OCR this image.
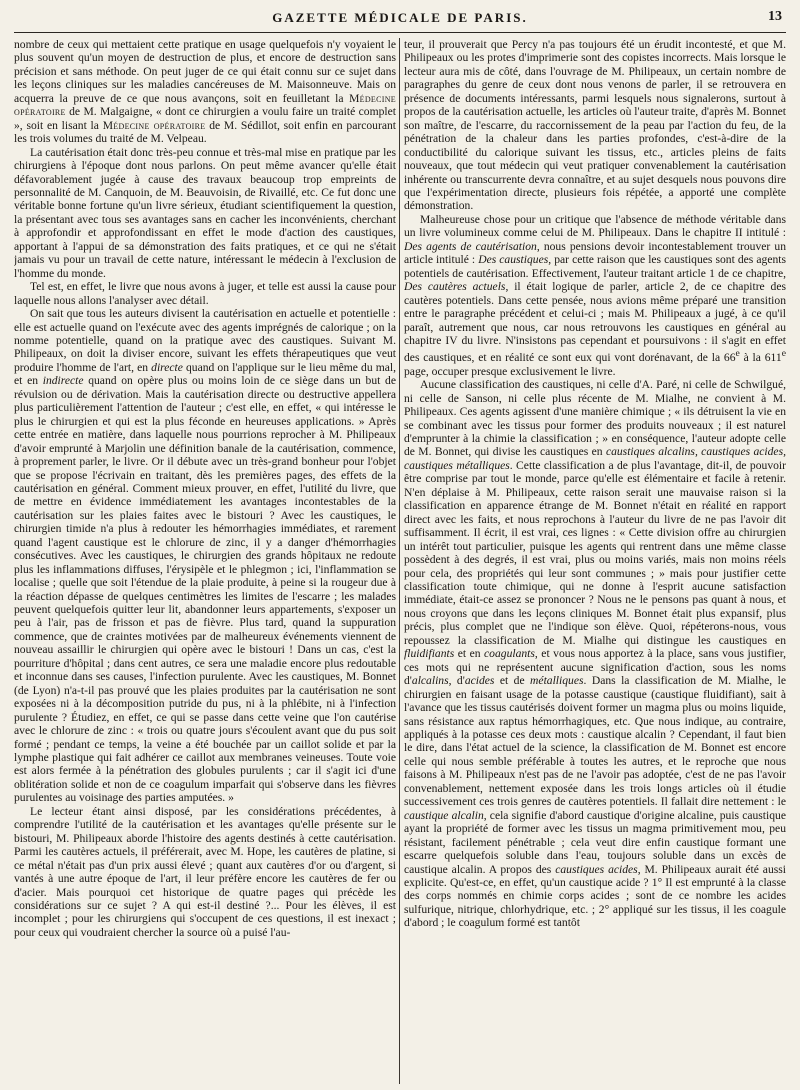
GAZETTE MÉDICALE DE PARIS.	13

nombre de ceux qui mettaient cette pratique en usage quelquefois n'y voyaient le plus souvent qu'un moyen de destruction de plus, et encore de destruction sans précision et sans méthode. On peut juger de ce qui était connu sur ce sujet dans les leçons cliniques sur les maladies cancéreuses de M. Maisonneuve. Mais on acquerra la preuve de ce que nous avançons, soit en feuilletant la Médecine opératoire de M. Malgaigne, « dont ce chirurgien a voulu faire un traité complet », soit en lisant la Médecine opératoire de M. Sédillot, soit enfin en parcourant les trois volumes du traité de M. Velpeau.

La cautérisation était donc très-peu connue et très-mal mise en pratique par les chirurgiens à l'époque dont nous parlons. On peut même avancer qu'elle était défavorablement jugée à cause des travaux beaucoup trop empreints de personnalité de M. Canquoin, de M. Beauvoisin, de Rivaillé, etc. Ce fut donc une véritable bonne fortune qu'un livre sérieux, étudiant scientifiquement la question, la présentant avec tous ses avantages sans en cacher les inconvénients, cherchant à approfondir et approfondissant en effet le mode d'action des caustiques, apportant à l'appui de sa démonstration des faits pratiques, et ce qui ne s'était jamais vu pour un travail de cette nature, intéressant le médecin à l'exclusion de l'homme du monde.

Tel est, en effet, le livre que nous avons à juger, et telle est aussi la cause pour laquelle nous allons l'analyser avec détail.

On sait que tous les auteurs divisent la cautérisation en actuelle et potentielle : elle est actuelle quand on l'exécute avec des agents imprégnés de calorique ; on la nomme potentielle, quand on la pratique avec des caustiques. Suivant M. Philipeaux, on doit la diviser encore, suivant les effets thérapeutiques que veut produire l'homme de l'art, en directe quand on l'applique sur le lieu même du mal, et en indirecte quand on opère plus ou moins loin de ce siège dans un but de révulsion ou de dérivation. Mais la cautérisation directe ou destructive appellera plus particulièrement l'attention de l'auteur ; c'est elle, en effet, « qui intéresse le plus le chirurgien et qui est la plus féconde en heureuses applications. » Après cette entrée en matière, dans laquelle nous pourrions reprocher à M. Philipeaux d'avoir emprunté à Marjolin une définition banale de la cautérisation, commence, à proprement parler, le livre. Or il débute avec un très-grand bonheur pour l'objet que se propose l'écrivain en traitant, dès les premières pages, des effets de la cautérisation en général. Comment mieux prouver, en effet, l'utilité du livre, que de mettre en évidence immédiatement les avantages incontestables de la cautérisation sur les plaies faites avec le bistouri ? Avec les caustiques, le chirurgien timide n'a plus à redouter les hémorrhagies immédiates, et rarement quand l'agent caustique est le chlorure de zinc, il y a danger d'hémorrhagies consécutives. Avec les caustiques, le chirurgien des grands hôpitaux ne redoute plus les inflammations diffuses, l'érysipèle et le phlegmon ; ici, l'inflammation se localise ; quelle que soit l'étendue de la plaie produite, à peine si la rougeur due à la réaction dépasse de quelques centimètres les limites de l'escarre ; les malades peuvent quelquefois quitter leur lit, abandonner leurs appartements, s'exposer un peu à l'air, pas de frisson et pas de fièvre. Plus tard, quand la suppuration commence, que de craintes motivées par de malheureux événements viennent de nouveau assaillir le chirurgien qui opère avec le bistouri ! Dans un cas, c'est la pourriture d'hôpital ; dans cent autres, ce sera une maladie encore plus redoutable et inconnue dans ses causes, l'infection purulente. Avec les caustiques, M. Bonnet (de Lyon) n'a-t-il pas prouvé que les plaies produites par la cautérisation ne sont exposées ni à la décomposition putride du pus, ni à la phlébite, ni à l'infection purulente ? Étudiez, en effet, ce qui se passe dans cette veine que l'on cautérise avec le chlorure de zinc : « trois ou quatre jours s'écoulent avant que du pus soit formé ; pendant ce temps, la veine a été bouchée par un caillot solide et par la lymphe plastique qui fait adhérer ce caillot aux membranes veineuses. Toute voie est alors fermée à la pénétration des globules purulents ; car il s'agit ici d'une oblitération solide et non de ce coagulum imparfait qui s'observe dans les fièvres purulentes au voisinage des parties amputées. »

Le lecteur étant ainsi disposé, par les considérations précédentes, à comprendre l'utilité de la cautérisation et les avantages qu'elle présente sur le bistouri, M. Philipeaux aborde l'histoire des agents destinés à cette cautérisation. Parmi les cautères actuels, il préférerait, avec M. Hope, les cautères de platine, si ce métal n'était pas d'un prix aussi élevé ; quant aux cautères d'or ou d'argent, si vantés à une autre époque de l'art, il leur préfère encore les cautères de fer ou d'acier. Mais pourquoi cet historique de quatre pages qui précède les considérations sur ce sujet ? A qui est-il destiné ?... Pour les élèves, il est incomplet ; pour les chirurgiens qui s'occupent de ces questions, il est inexact ; pour ceux qui voudraient chercher la source où a puisé l'au-

teur, il prouverait que Percy n'a pas toujours été un érudit incontesté, et que M. Philipeaux ou les protes d'imprimerie sont des copistes incorrects. Mais lorsque le lecteur aura mis de côté, dans l'ouvrage de M. Philipeaux, un certain nombre de paragraphes du genre de ceux dont nous venons de parler, il se retrouvera en présence de documents intéressants, parmi lesquels nous signalerons, surtout à propos de la cautérisation actuelle, les articles où l'auteur traite, d'après M. Bonnet son maître, de l'escarre, du raccornissement de la peau par l'action du feu, de la pénétration de la chaleur dans les parties profondes, c'est-à-dire de la conductibilité du calorique suivant les tissus, etc., articles pleins de faits nouveaux, que tout médecin qui veut pratiquer convenablement la cautérisation inhérente ou transcurrente devra connaître, et au sujet desquels nous pouvons dire que l'expérimentation directe, plusieurs fois répétée, a apporté une complète démonstration.

Malheureuse chose pour un critique que l'absence de méthode véritable dans un livre volumineux comme celui de M. Philipeaux. Dans le chapitre II intitulé : Des agents de cautérisation, nous pensions devoir incontestablement trouver un article intitulé : Des caustiques, par cette raison que les caustiques sont des agents potentiels de cautérisation. Effectivement, l'auteur traitant article 1 de ce chapitre, Des cautères actuels, il était logique de parler, article 2, de ce chapitre des cautères potentiels. Dans cette pensée, nous avions même préparé une transition entre le paragraphe précédent et celui-ci ; mais M. Philipeaux a jugé, à ce qu'il paraît, autrement que nous, car nous retrouvons les caustiques en général au chapitre IV du livre. N'insistons pas cependant et poursuivons : il s'agit en effet des caustiques, et en réalité ce sont eux qui vont dorénavant, de la 66e à la 611e page, occuper presque exclusivement le livre.

Aucune classification des caustiques, ni celle d'A. Paré, ni celle de Schwilgué, ni celle de Sanson, ni celle plus récente de M. Mialhe, ne convient à M. Philipeaux. Ces agents agissent d'une manière chimique ; « ils détruisent la vie en se combinant avec les tissus pour former des produits nouveaux ; il est naturel d'emprunter à la chimie la classification ; » en conséquence, l'auteur adopte celle de M. Bonnet, qui divise les caustiques en caustiques alcalins, caustiques acides, caustiques métalliques. Cette classification a de plus l'avantage, dit-il, de pouvoir être comprise par tout le monde, parce qu'elle est élémentaire et facile à retenir. N'en déplaise à M. Philipeaux, cette raison serait une mauvaise raison si la classification en apparence étrange de M. Bonnet n'était en réalité en rapport direct avec les faits, et nous reprochons à l'auteur du livre de ne pas l'avoir dit suffisamment. Il écrit, il est vrai, ces lignes : « Cette division offre au chirurgien un intérêt tout particulier, puisque les agents qui rentrent dans une même classe possèdent à des degrés, il est vrai, plus ou moins variés, mais non moins réels pour cela, des propriétés qui leur sont communes ; » mais pour justifier cette classification toute chimique, qui ne donne à l'esprit aucune satisfaction immédiate, était-ce assez se prononcer ? Nous ne le pensons pas quant à nous, et nous croyons que dans les leçons cliniques M. Bonnet était plus expansif, plus précis, plus complet que ne l'indique son élève. Quoi, répéterons-nous, vous repoussez la classification de M. Mialhe qui distingue les caustiques en fluidifiants et en coagulants, et vous nous apportez à la place, sans vous justifier, ces mots qui ne représentent aucune signification d'action, sous les noms d'alcalins, d'acides et de métalliques. Dans la classification de M. Mialhe, le chirurgien en faisant usage de la potasse caustique (caustique fluidifiant), sait à l'avance que les tissus cautérisés doivent former un magma plus ou moins liquide, sans résistance aux raptus hémorrhagiques, etc. Que nous indique, au contraire, appliqués à la potasse ces deux mots : caustique alcalin ? Cependant, il faut bien le dire, dans l'état actuel de la science, la classification de M. Bonnet est encore celle qui nous semble préférable à toutes les autres, et le reproche que nous faisons à M. Philipeaux n'est pas de ne l'avoir pas adoptée, c'est de ne pas l'avoir convenablement, nettement exposée dans les trois longs articles où il étudie successivement ces trois genres de cautères potentiels. Il fallait dire nettement : le caustique alcalin, cela signifie d'abord caustique d'origine alcaline, puis caustique ayant la propriété de former avec les tissus un magma primitivement mou, peu résistant, facilement pénétrable ; cela veut dire enfin caustique formant une escarre quelquefois soluble dans l'eau, toujours soluble dans un excès de caustique alcalin. A propos des caustiques acides, M. Philipeaux aurait été aussi explicite. Qu'est-ce, en effet, qu'un caustique acide ? 1° Il est emprunté à la classe des corps nommés en chimie corps acides ; sont de ce nombre les acides sulfurique, nitrique, chlorhydrique, etc. ; 2° appliqué sur les tissus, il les coagule d'abord ; le coagulum formé est tantôt
